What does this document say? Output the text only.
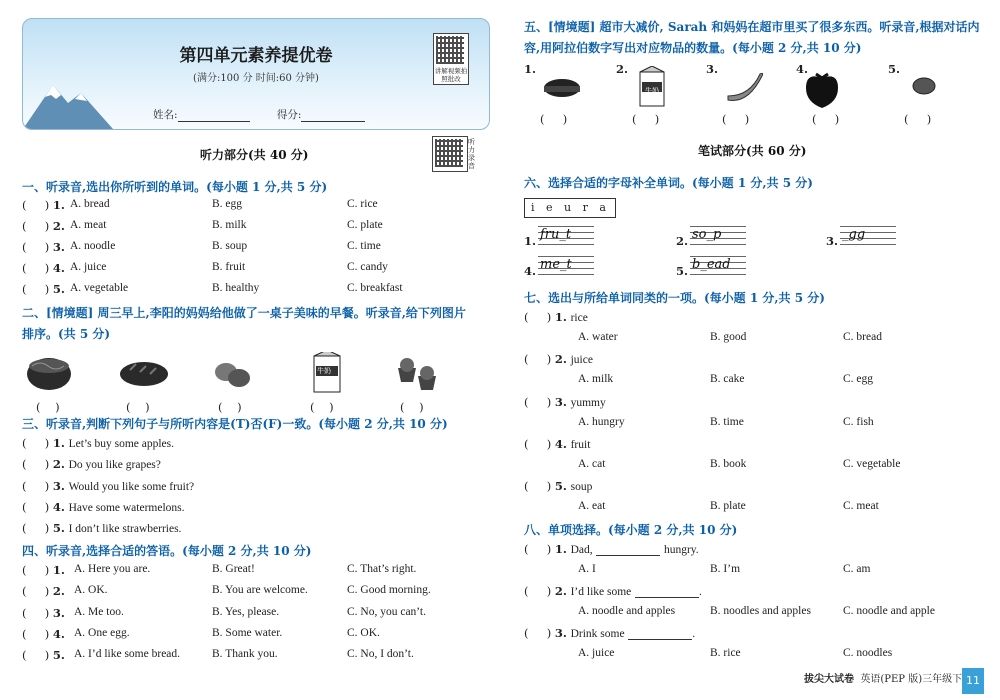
第四单元素养提优卷
(满分:100 分 时间:60 分钟)
姓名:	得分:
讲解视频拍照批改
听力录音
听力部分(共 40 分)
一、听录音,选出你所听到的单词。(每小题 1 分,共 5 分)
(     ) 1. A. bread	B. egg	C. rice
(     ) 2. A. meat	B. milk	C. plate
(     ) 3. A. noodle	B. soup	C. time
(     ) 4. A. juice	B. fruit	C. candy
(     ) 5. A. vegetable	B. healthy	C. breakfast
二、[情境题] 周三早上,李阳的妈妈给他做了一桌子美味的早餐。听录音,给下列图片
排序。(共 5 分)
牛奶
(    )	(    )	(    )	(    )	(    )
三、听录音,判断下列句子与所听内容是(T)否(F)一致。(每小题 2 分,共 10 分)
(     ) 1. Let’s buy some apples.
(     ) 2. Do you like grapes?
(     ) 3. Would you like some fruit?
(     ) 4. Have some watermelons.
(     ) 5. I don’t like strawberries.
四、听录音,选择合适的答语。(每小题 2 分,共 10 分)
(     ) 1. A. Here you are.	B. Great!	C. That’s right.
(     ) 2. A. OK.	B. You are welcome.	C. Good morning.
(     ) 3. A. Me too.	B. Yes, please.	C. No, you can’t.
(     ) 4. A. One egg.	B. Some water.	C. OK.
(     ) 5. A. I’d like some bread.	B. Thank you.	C. No, I don’t.
五、[情境题] 超市大减价, Sarah 和妈妈在超市里买了很多东西。听录音,根据对话内
容,用阿拉伯数字写出对应物品的数量。(每小题 2 分,共 10 分)
1.	2.	3.	4.	5.
牛奶
(     )	(     )	(     )	(     )	(     )
笔试部分(共 60 分)
六、选择合适的字母补全单词。(每小题 1 分,共 5 分)
i e u r a
1. fru_t	2. so_p	3. _gg
4. me_t	5. b_ead
七、选出与所给单词同类的一项。(每小题 1 分,共 5 分)
(     ) 1. rice
A. water	B. good	C. bread
(     ) 2. juice
A. milk	B. cake	C. egg
(     ) 3. yummy
A. hungry	B. time	C. fish
(     ) 4. fruit
A. cat	B. book	C. vegetable
(     ) 5. soup
A. eat	B. plate	C. meat
八、单项选择。(每小题 2 分,共 10 分)
(     ) 1. Dad,	hungry.
A. I	B. I’m	C. am
(     ) 2. I’d like some	.
A. noodle and apples	B. noodles and apples	C. noodle and apple
(     ) 3. Drink some	.
A. juice	B. rice	C. noodles
拔尖大试卷 英语(PEP 版)三年级下 11
